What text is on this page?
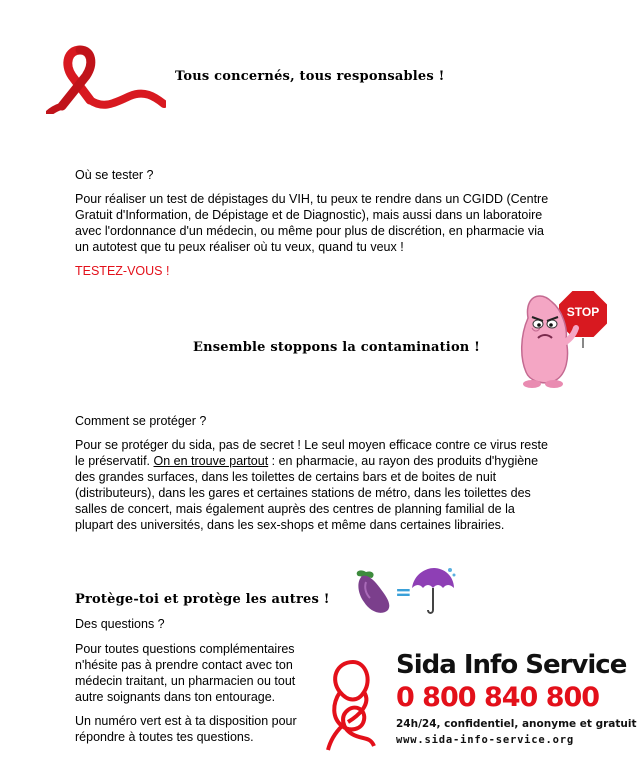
Tous concernés, tous responsables !
Où se tester ?

Pour réaliser un test de dépistages du VIH, tu peux te rendre dans un CGIDD (Centre Gratuit d'Information, de Dépistage et de Diagnostic), mais aussi dans un laboratoire avec l'ordonnance d'un médecin, ou même pour plus de discrétion, en pharmacie via un autotest que tu peux réaliser où tu veux, quand tu veux !

TESTEZ-VOUS !
Ensemble stoppons la contamination !
STOP
Comment se protéger ?

Pour se protéger du sida, pas de secret ! Le seul moyen efficace contre ce virus reste le préservatif. On en trouve partout : en pharmacie, au rayon des produits d'hygiène des grandes surfaces, dans les toilettes de certains bars et de boites de nuit (distributeurs), dans les gares et certaines stations de métro, dans les toilettes des salles de concert, mais également auprès des centres de planning familial de la plupart des universités, dans les sex-shops et même dans certaines librairies.

Protège-toi et protège les autres !	=
Des questions ?

Pour toutes questions complémentaires n'hésite pas à prendre contact avec ton médecin traitant, un pharmacien ou tout autre soignants dans ton entourage.

Un numéro vert est à ta disposition pour répondre à toutes tes questions.

Sida Info Service
0 800 840 800
24h/24, confidentiel, anonyme et gratuit
www.sida-info-service.org
